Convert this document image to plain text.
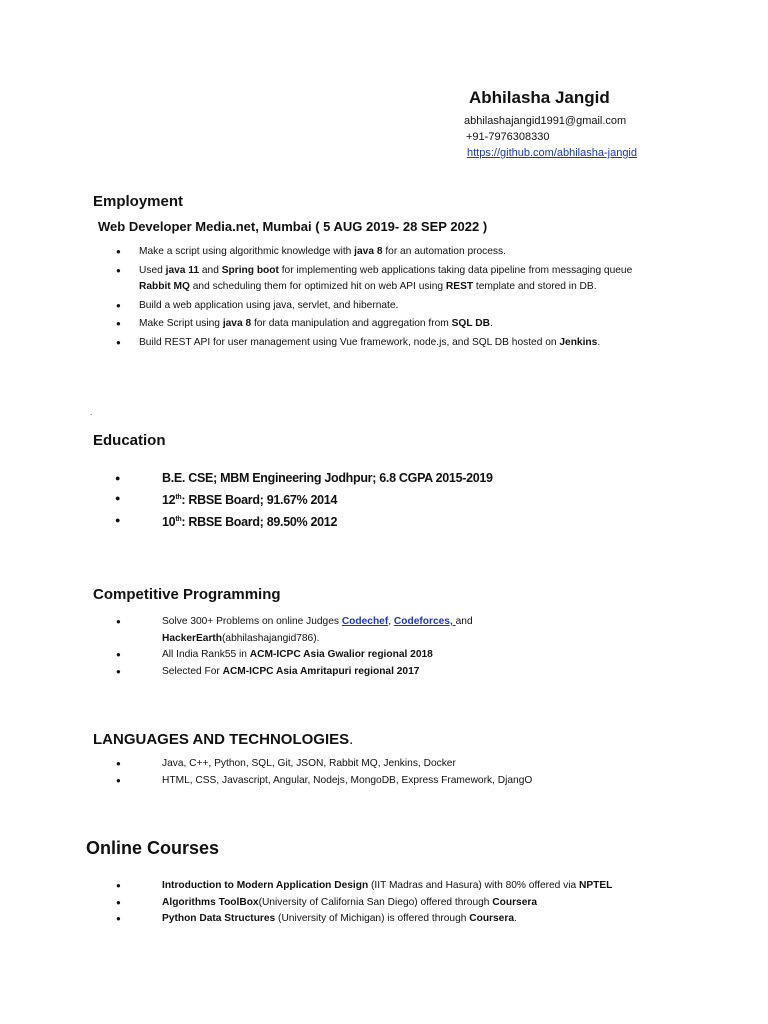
Abhilasha Jangid
abhilashajangid1991@gmail.com
+91-7976308330
https://github.com/abhilasha-jangid
Employment
Web Developer Media.net, Mumbai ( 5 AUG 2019- 28 SEP 2022 )
● Make a script using algorithmic knowledge with java 8 for an automation process.
● Used java 11 and Spring boot for implementing web applications taking data pipeline from messaging queue Rabbit MQ and scheduling them for optimized hit on web API using REST template and stored in DB.
● Build a web application using java, servlet, and hibernate.
● Make Script using java 8 for data manipulation and aggregation from SQL DB.
● Build REST API for user management using Vue framework, node.js, and SQL DB hosted on Jenkins.
.
Education
●	B.E. CSE; MBM Engineering Jodhpur; 6.8 CGPA 2015-2019
●	12th: RBSE Board; 91.67% 2014
●	10th: RBSE Board; 89.50% 2012
Competitive Programming
●	Solve 300+ Problems on online Judges Codechef, Codeforces, and
HackerEarth(abhilashajangid786).
●	All India Rank55 in ACM-ICPC Asia Gwalior regional 2018
●	Selected For ACM-ICPC Asia Amritapuri regional 2017
LANGUAGES AND TECHNOLOGIES.
●	Java, C++, Python, SQL, Git, JSON, Rabbit MQ, Jenkins, Docker
●	HTML, CSS, Javascript, Angular, Nodejs, MongoDB, Express Framework, DjangO
Online Courses
●	Introduction to Modern Application Design (IIT Madras and Hasura) with 80% offered via NPTEL
●	Algorithms ToolBox(University of California San Diego) offered through Coursera
●	Python Data Structures (University of Michigan) is offered through Coursera.
